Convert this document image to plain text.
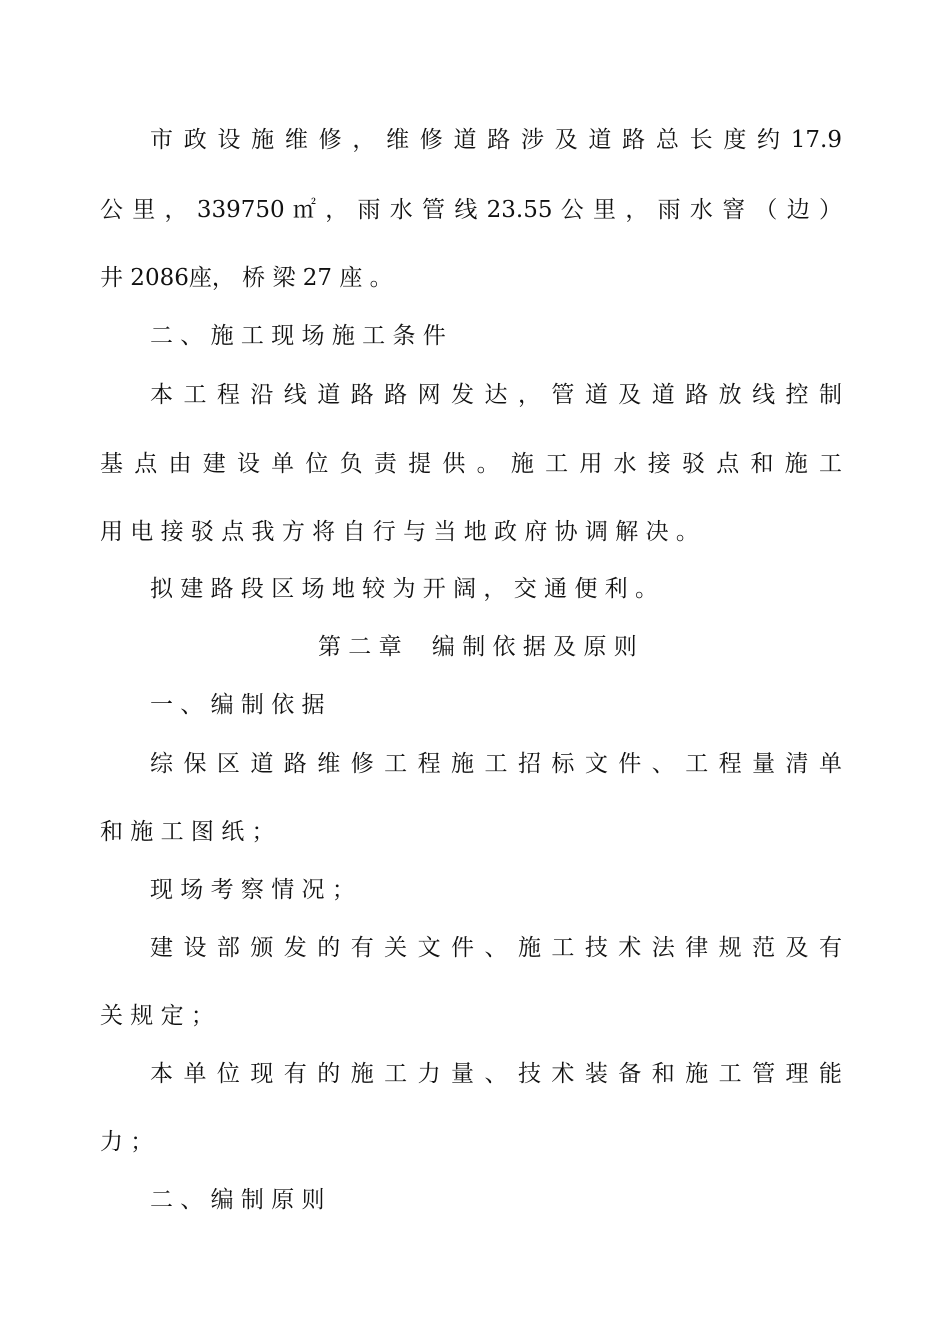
市 政 设 施 维 修 ， 维 修 道 路 涉 及 道 路 总 长 度 约 17.9
公 里 ， 339750 ㎡ ， 雨 水 管 线 23.55 公 里 ， 雨 水 窨 （ 边 ）
井 2086座， 桥 梁 27 座 。
二 、 施 工 现 场 施 工 条 件
本 工 程 沿 线 道 路 路 网 发 达 ， 管 道 及 道 路 放 线 控 制
基 点 由 建 设 单 位 负 责 提 供 。 施 工 用 水 接 驳 点 和 施 工
用 电 接 驳 点 我 方 将 自 行 与 当 地 政 府 协 调 解 决 。
拟 建 路 段 区 场 地 较 为 开 阔 ， 交 通 便 利 。
第 二 章　 编 制 依 据 及 原 则
一 、 编 制 依 据
综 保 区 道 路 维 修 工 程 施 工 招 标 文 件 、 工 程 量 清 单
和 施 工 图 纸 ；
现 场 考 察 情 况 ；
建 设 部 颁 发 的 有 关 文 件 、 施 工 技 术 法 律 规 范 及 有
关 规 定 ；
本 单 位 现 有 的 施 工 力 量 、 技 术 装 备 和 施 工 管 理 能
力 ；
二 、 编 制 原 则
